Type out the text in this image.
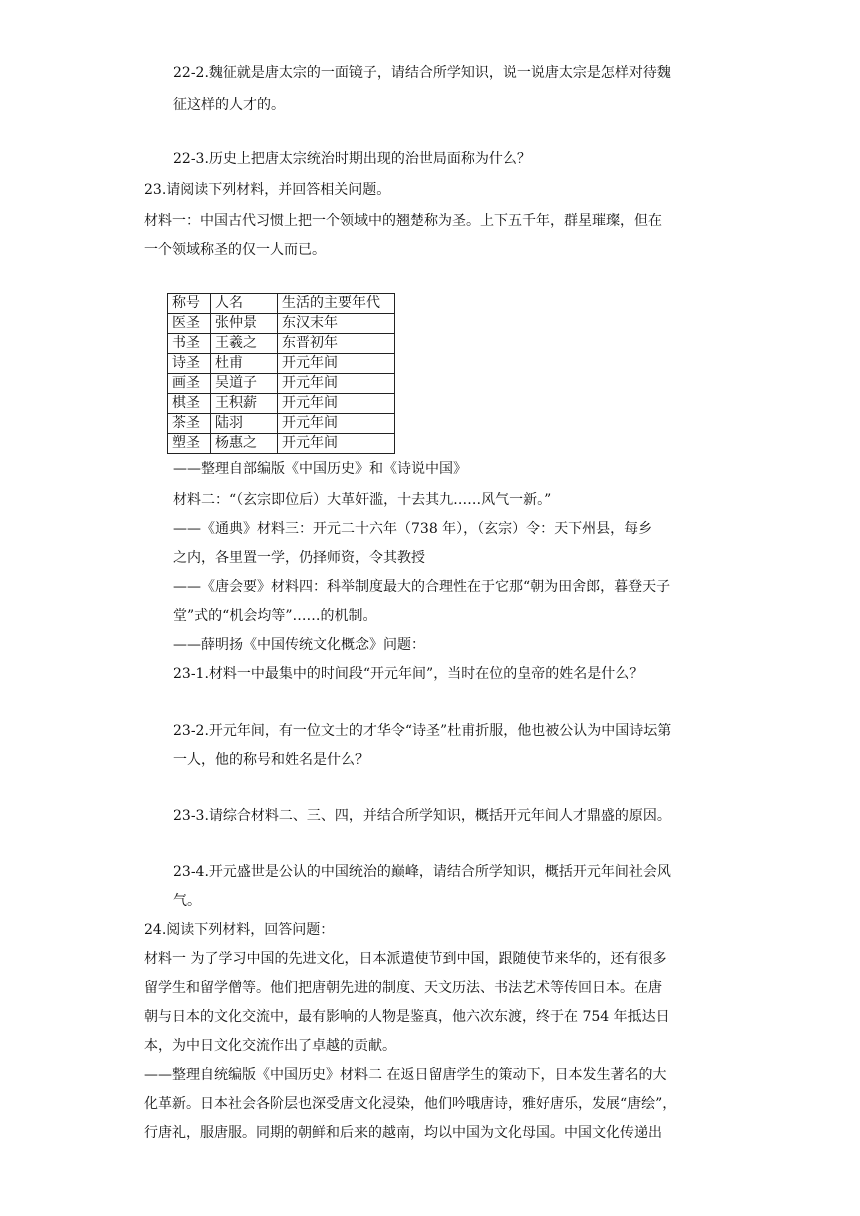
22-2.魏征就是唐太宗的一面镜子，请结合所学知识，说一说唐太宗是怎样对待魏
征这样的人才的。
22-3.历史上把唐太宗统治时期出现的治世局面称为什么？
23.请阅读下列材料，并回答相关问题。
材料一：中国古代习惯上把一个领域中的翘楚称为圣。上下五千年，群星璀璨，但在
一个领域称圣的仅一人而已。
称号	人名	生活的主要年代
医圣	张仲景	东汉末年
书圣	王羲之	东晋初年
诗圣	杜甫	开元年间
画圣	吴道子	开元年间
棋圣	王积薪	开元年间
茶圣	陆羽	开元年间
塑圣	杨惠之	开元年间
——整理自部编版《中国历史》和《诗说中国》
材料二：“（玄宗即位后）大革奸滥，十去其九……风气一新。”
——《通典》材料三：开元二十六年（738 年），（玄宗）令：天下州县，每乡
之内，各里置一学，仍择师资，令其教授
——《唐会要》材料四：科举制度最大的合理性在于它那“朝为田舍郎，暮登天子
堂”式的“机会均等”……的机制。
——薛明扬《中国传统文化概念》问题：
23-1.材料一中最集中的时间段“开元年间”，当时在位的皇帝的姓名是什么？
23-2.开元年间，有一位文士的才华令“诗圣”杜甫折服，他也被公认为中国诗坛第
一人，他的称号和姓名是什么？
23-3.请综合材料二、三、四，并结合所学知识，概括开元年间人才鼎盛的原因。
23-4.开元盛世是公认的中国统治的巅峰，请结合所学知识，概括开元年间社会风
气。
24.阅读下列材料，回答问题：
材料一 为了学习中国的先进文化，日本派遣使节到中国，跟随使节来华的，还有很多
留学生和留学僧等。他们把唐朝先进的制度、天文历法、书法艺术等传回日本。在唐
朝与日本的文化交流中，最有影响的人物是鉴真，他六次东渡，终于在 754 年抵达日
本，为中日文化交流作出了卓越的贡献。
——整理自统编版《中国历史》材料二 在返日留唐学生的策动下，日本发生著名的大
化革新。日本社会各阶层也深受唐文化浸染，他们吟哦唐诗，雅好唐乐，发展“唐绘”，
行唐礼，服唐服。同期的朝鲜和后来的越南，均以中国为文化母国。中国文化传递出
